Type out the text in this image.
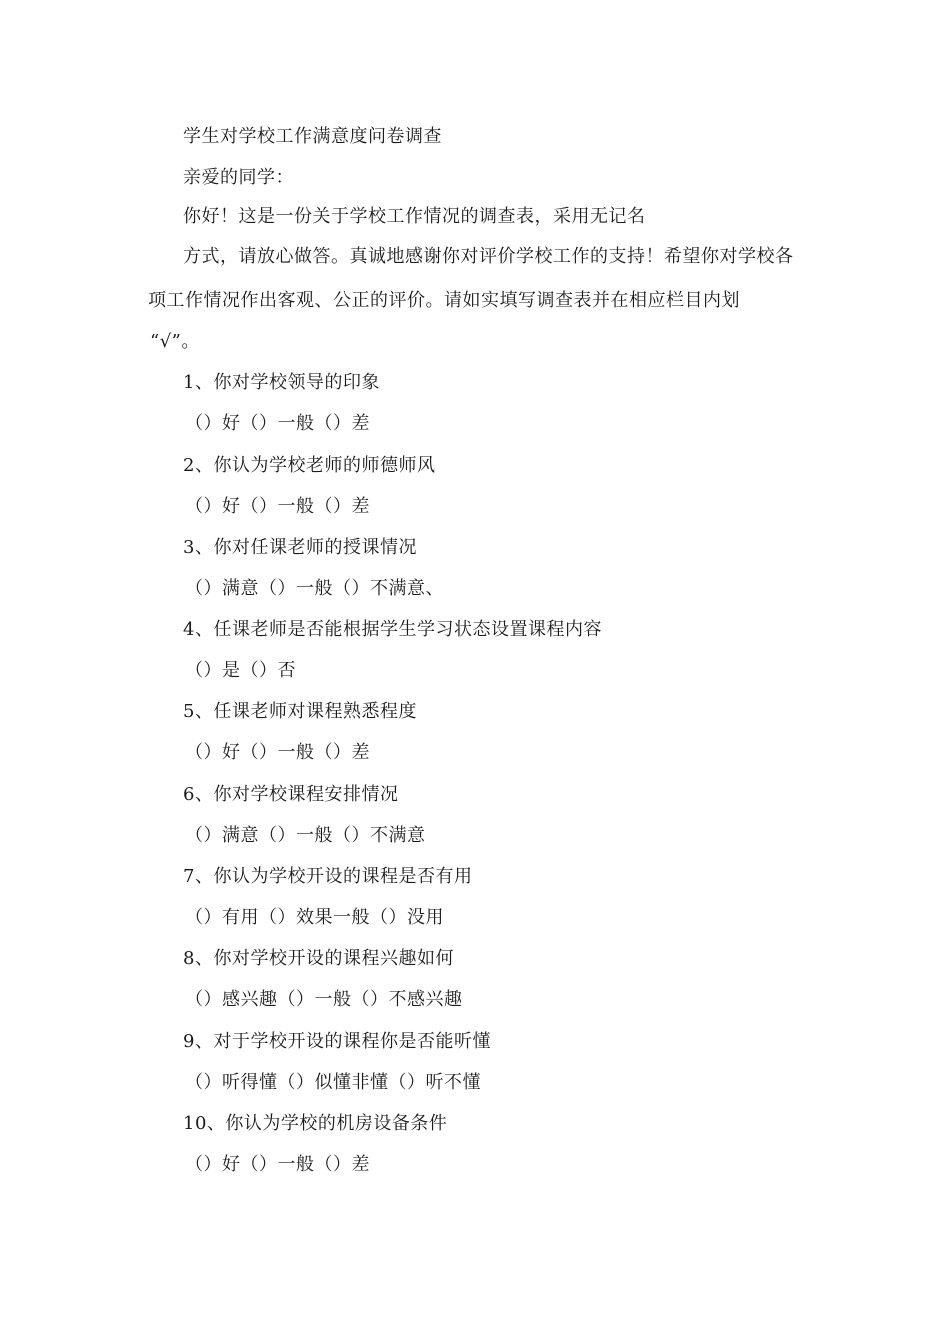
学生对学校工作满意度问卷调查
亲爱的同学：
你好！这是一份关于学校工作情况的调查表，采用无记名
方式，请放心做答。真诚地感谢你对评价学校工作的支持！希望你对学校各
项工作情况作出客观、公正的评价。请如实填写调查表并在相应栏目内划
“√”。
1、你对学校领导的印象
（）好（）一般（）差
2、你认为学校老师的师德师风
（）好（）一般（）差
3、你对任课老师的授课情况
（）满意（）一般（）不满意、
4、任课老师是否能根据学生学习状态设置课程内容
（）是（）否
5、任课老师对课程熟悉程度
（）好（）一般（）差
6、你对学校课程安排情况
（）满意（）一般（）不满意
7、你认为学校开设的课程是否有用
（）有用（）效果一般（）没用
8、你对学校开设的课程兴趣如何
（）感兴趣（）一般（）不感兴趣
9、对于学校开设的课程你是否能听懂
（）听得懂（）似懂非懂（）听不懂
10、你认为学校的机房设备条件
（）好（）一般（）差
